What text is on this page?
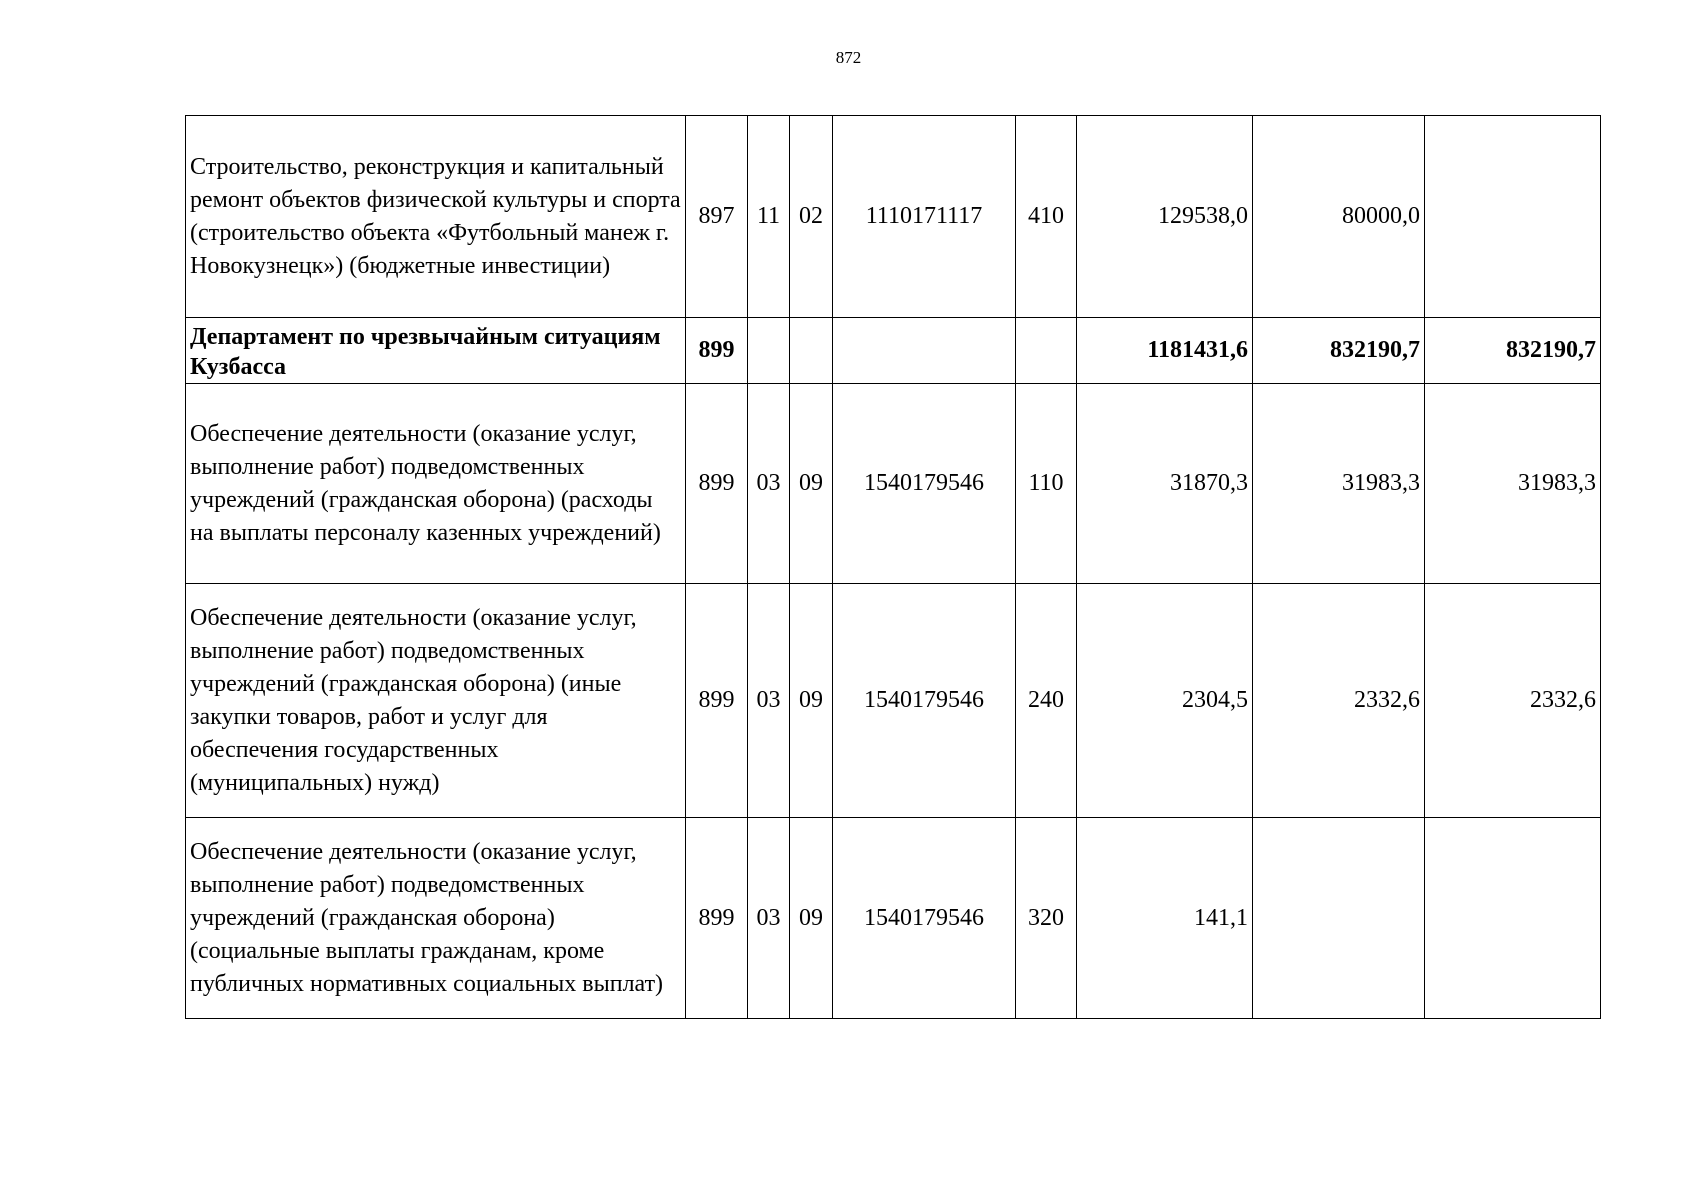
872
Строительство, реконструкция и капитальный ремонт объектов физической культуры и спорта (строительство объекта «Футбольный манеж г. Новокузнецк») (бюджетные инвестиции)	897	11	02	1110171117	410	129538,0	80000,0	
Департамент по чрезвычайным ситуациям Кузбасса	899					1181431,6	832190,7	832190,7
Обеспечение деятельности (оказание услуг, выполнение работ) подведомственных учреждений (гражданская оборона) (расходы на выплаты персоналу казенных учреждений)	899	03	09	1540179546	110	31870,3	31983,3	31983,3
Обеспечение деятельности (оказание услуг, выполнение работ) подведомственных учреждений (гражданская оборона) (иные закупки товаров, работ и услуг для обеспечения государственных (муниципальных) нужд)	899	03	09	1540179546	240	2304,5	2332,6	2332,6
Обеспечение деятельности (оказание услуг, выполнение работ) подведомственных учреждений (гражданская оборона) (социальные выплаты гражданам, кроме публичных нормативных социальных выплат)	899	03	09	1540179546	320	141,1		
